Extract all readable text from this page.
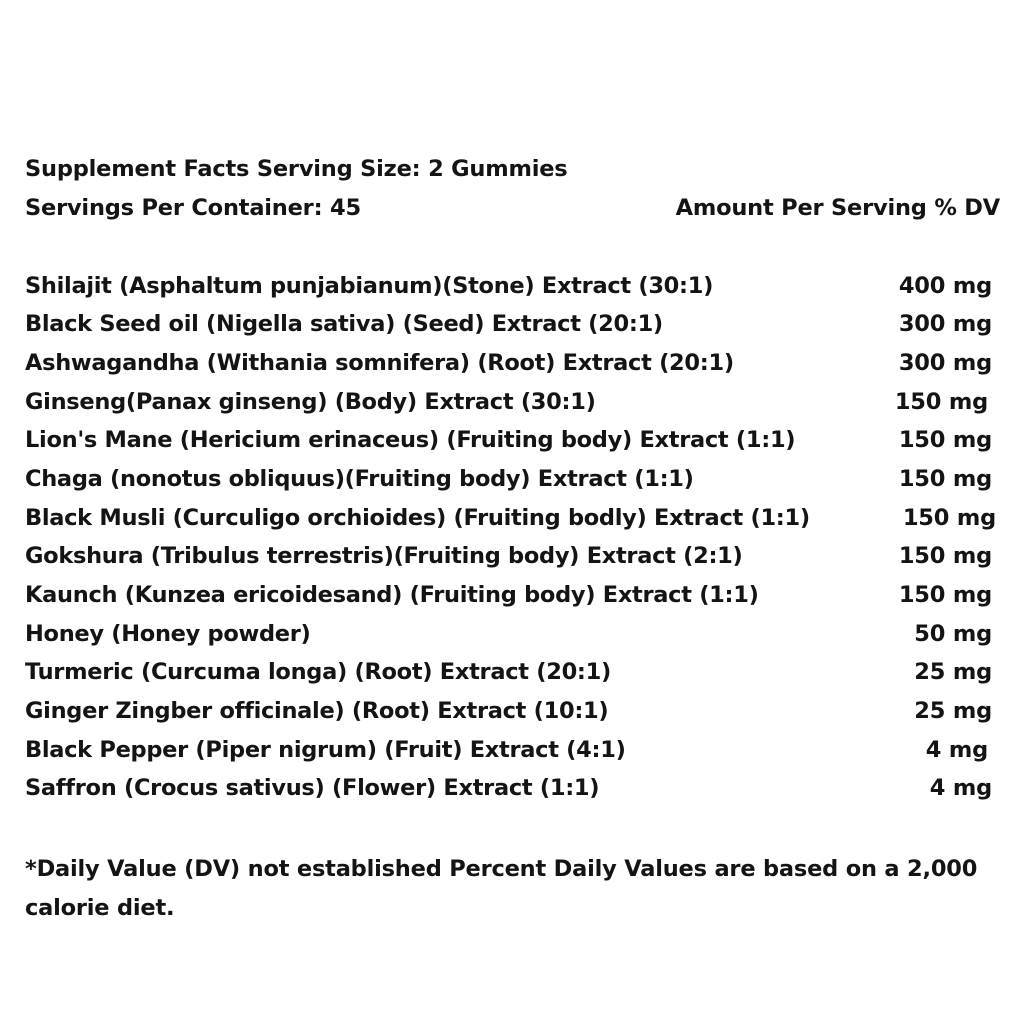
Supplement Facts Serving Size: 2 Gummies
Servings Per Container: 45	Amount Per Serving % DV
Shilajit (Asphaltum punjabianum)(Stone) Extract (30:1)	400 mg
Black Seed oil (Nigella sativa) (Seed) Extract (20:1)	300 mg
Ashwagandha (Withania somnifera) (Root) Extract (20:1)	300 mg
Ginseng(Panax ginseng) (Body) Extract (30:1)	150 mg
Lion's Mane (Hericium erinaceus) (Fruiting body) Extract (1:1)	150 mg
Chaga (nonotus obliquus)(Fruiting body) Extract (1:1)	150 mg
Black Musli (Curculigo orchioides) (Fruiting bodly) Extract (1:1)	150 mg
Gokshura (Tribulus terrestris)(Fruiting body) Extract (2:1)	150 mg
Kaunch (Kunzea ericoidesand) (Fruiting body) Extract (1:1)	150 mg
Honey (Honey powder)	50 mg
Turmeric (Curcuma longa) (Root) Extract (20:1)	25 mg
Ginger Zingber officinale) (Root) Extract (10:1)	25 mg
Black Pepper (Piper nigrum) (Fruit) Extract (4:1)	4 mg
Saffron (Crocus sativus) (Flower) Extract (1:1)	4 mg
*Daily Value (DV) not established Percent Daily Values are based on a 2,000 calorie diet.
